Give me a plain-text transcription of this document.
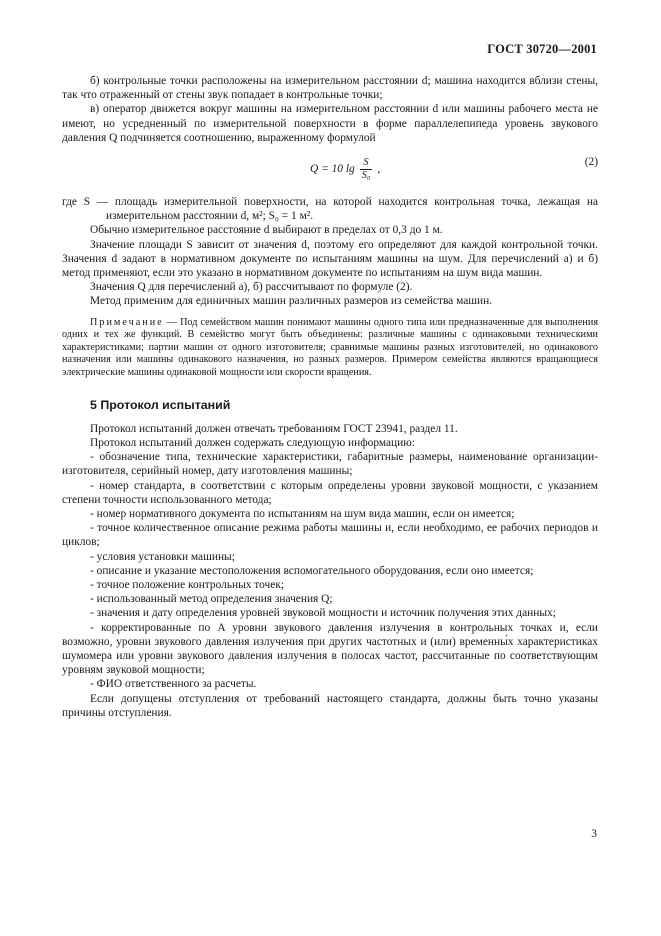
ГОСТ 30720—2001

б) контрольные точки расположены на измерительном расстоянии d; машина находится вблизи стены, так что отраженный от стены звук попадает в контрольные точки;

в) оператор движется вокруг машины на измерительном расстоянии d или машины рабочего места не имеют, но усредненный по измерительной поверхности в форме параллелепипеда уровень звукового давления Q подчиняется соотношению, выраженному формулой

Q = 10 $\lg \frac{S}{\text{S₀}}$ ,
(2)

где S — площадь измерительной поверхности, на которой находится контрольная точка, лежащая на измерительном расстоянии d, м²; S₀ = 1 м².

Обычно измерительное расстояние d выбирают в пределах от 0,3 до 1 м.

Значение площади S зависит от значения d, поэтому его определяют для каждой контрольной точки. Значения d задают в нормативном документе по испытаниям машины на шум. Для перечислений а) и б) метод применяют, если это указано в нормативном документе по испытаниям на шум вида машин.

Значения Q для перечислений а), б) рассчитывают по формуле (2).

Метод применим для единичных машин различных размеров из семейства машин.

Примечание — Под семейством машин понимают машины одного типа или предназначенные для выполнения одних и тех же функций. В семейство могут быть объединены: различные машины с одинаковыми техническими характеристиками; партии машин от одного изготовителя; сравнимые машины разных изготовителей, но одинакового назначения или машины одинакового назначения, но разных размеров. Примером семейства являются вращающиеся электрические машины одинаковой мощности или скорости вращения.

5 Протокол испытаний

Протокол испытаний должен отвечать требованиям ГОСТ 23941, раздел 11.

Протокол испытаний должен содержать следующую информацию:

- обозначение типа, технические характеристики, габаритные размеры, наименование организации-изготовителя, серийный номер, дату изготовления машины;
- номер стандарта, в соответствии с которым определены уровни звуковой мощности, с указанием степени точности использованного метода;
- номер нормативного документа по испытаниям на шум вида машин, если он имеется;
- точное количественное описание режима работы машины и, если необходимо, ее рабочих периодов и циклов;
- условия установки машины;
- описание и указание местоположения вспомогательного оборудования, если оно имеется;
- точное положение контрольных точек;
- использованный метод определения значения Q;
- значения и дату определения уровней звуковой мощности и источник получения этих данных;
- корректированные по A уровни звукового давления излучения в контрольных точках и, если возможно, уровни звукового давления излучения при других частотных и (или) временны́х характеристиках шумомера или уровни звукового давления излучения в полосах частот, рассчитанные по соответствующим уровням звуковой мощности;
- ФИО ответственного за расчеты.

Если допущены отступления от требований настоящего стандарта, должны быть точно указаны причины отступления.

3
